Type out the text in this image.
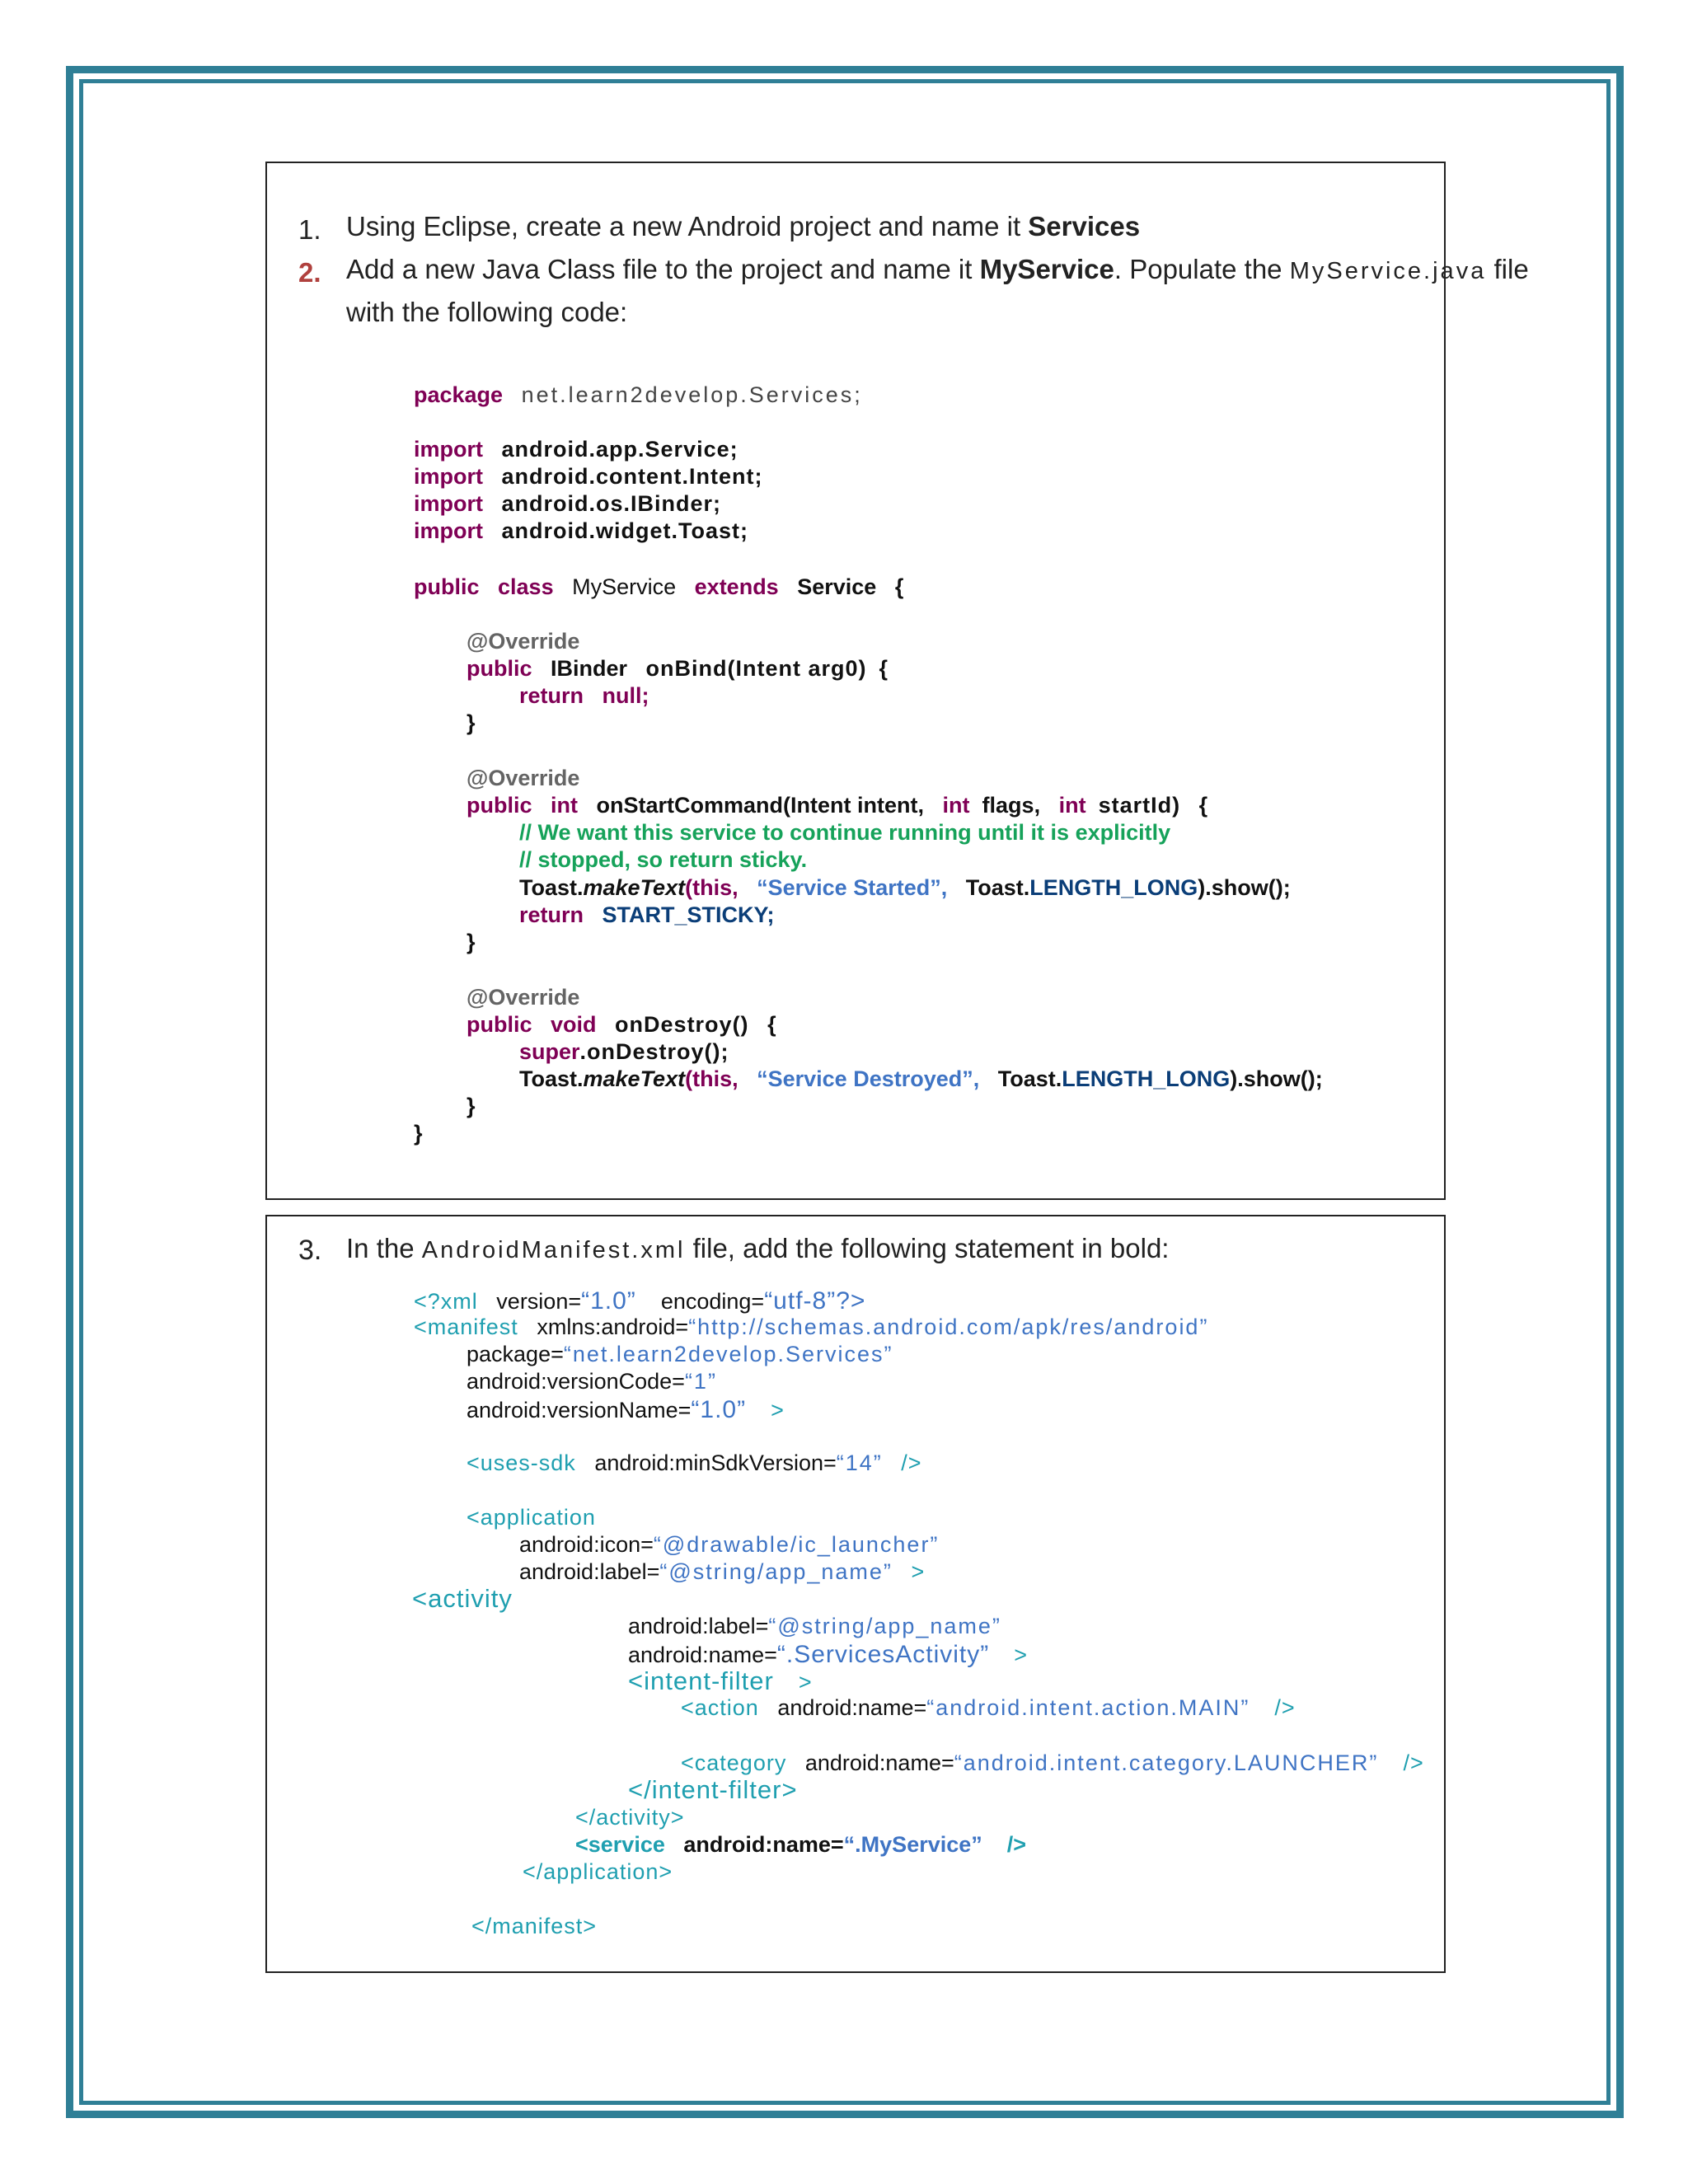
1. Using Eclipse, create a new Android project and name it Services
2. Add a new Java Class file to the project and name it MyService. Populate the MyService.java file
with the following code:
package net.learn2develop.Services;
import android.app.Service;
import android.content.Intent;
import android.os.IBinder;
import android.widget.Toast;
public class MyService extends Service {
@Override
public IBinder onBind(Intent arg0) {
return null;
}
@Override
public int onStartCommand(Intent intent, int flags, int startId) {
// We want this service to continue running until it is explicitly
// stopped, so return sticky.
Toast.makeText(this, “Service Started”, Toast.LENGTH_LONG).show();
return START_STICKY;
}
@Override
public void onDestroy() {
super.onDestroy();
Toast.makeText(this, “Service Destroyed”, Toast.LENGTH_LONG).show();
}
}
3. In the AndroidManifest.xml file, add the following statement in bold:
<?xml version=“1.0” encoding=“utf-8”?>
<manifest xmlns:android=“http://schemas.android.com/apk/res/android”
package=“net.learn2develop.Services”
android:versionCode=“1”
android:versionName=“1.0” >
<uses-sdk android:minSdkVersion=“14” />
<application
android:icon=“@drawable/ic_launcher”
android:label=“@string/app_name” >
<activity
android:label=“@string/app_name”
android:name=“.ServicesActivity” >
<intent-filter >
<action android:name=“android.intent.action.MAIN” />
<category android:name=“android.intent.category.LAUNCHER” />
</intent-filter>
</activity>
<service android:name=“.MyService” />
</application>
</manifest>
